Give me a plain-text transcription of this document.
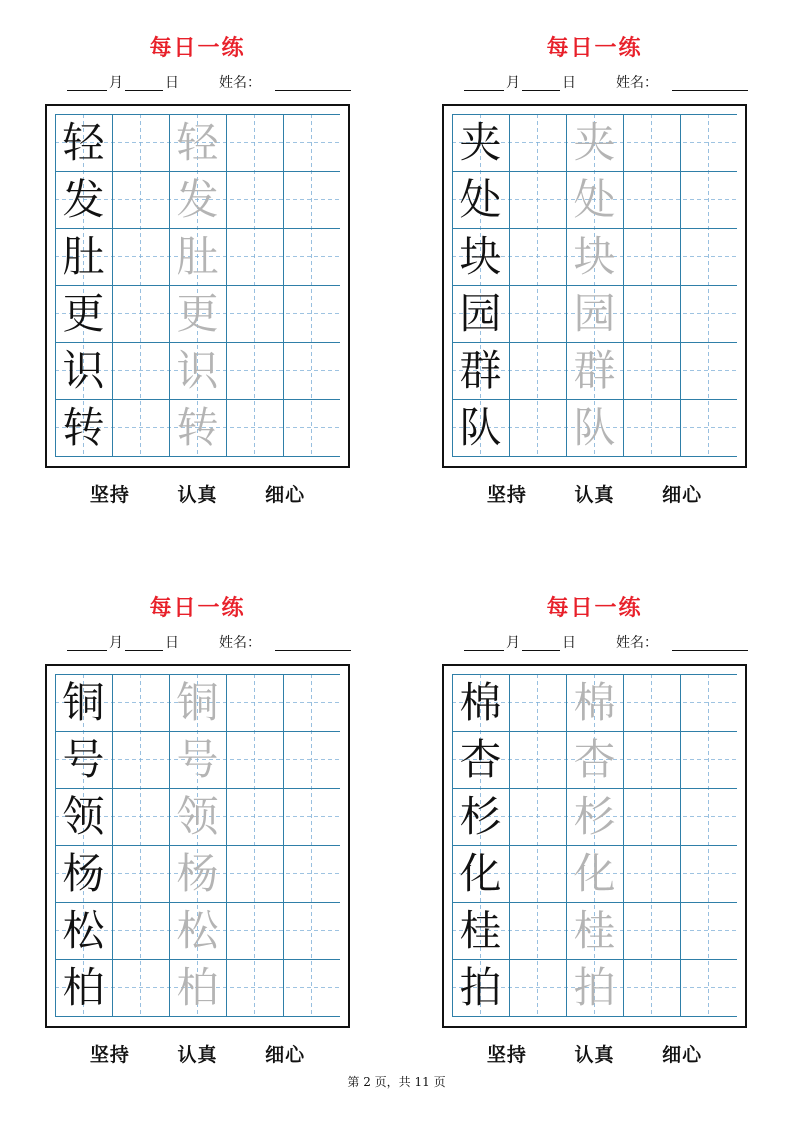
每日一练
月	日	姓名：
轻 轻
发 发
肚 肚
更 更
识 识
转 转
坚持	认真	细心
每日一练
月	日	姓名：
夹 夹
处 处
块 块
园 园
群 群
队 队
坚持	认真	细心
每日一练
月	日	姓名：
铜 铜
号 号
领 领
杨 杨
松 松
柏 柏
坚持	认真	细心
每日一练
月	日	姓名：
棉 棉
杏 杏
杉 杉
化 化
桂 桂
拍 拍
坚持	认真	细心
第 2 页，共 11 页
